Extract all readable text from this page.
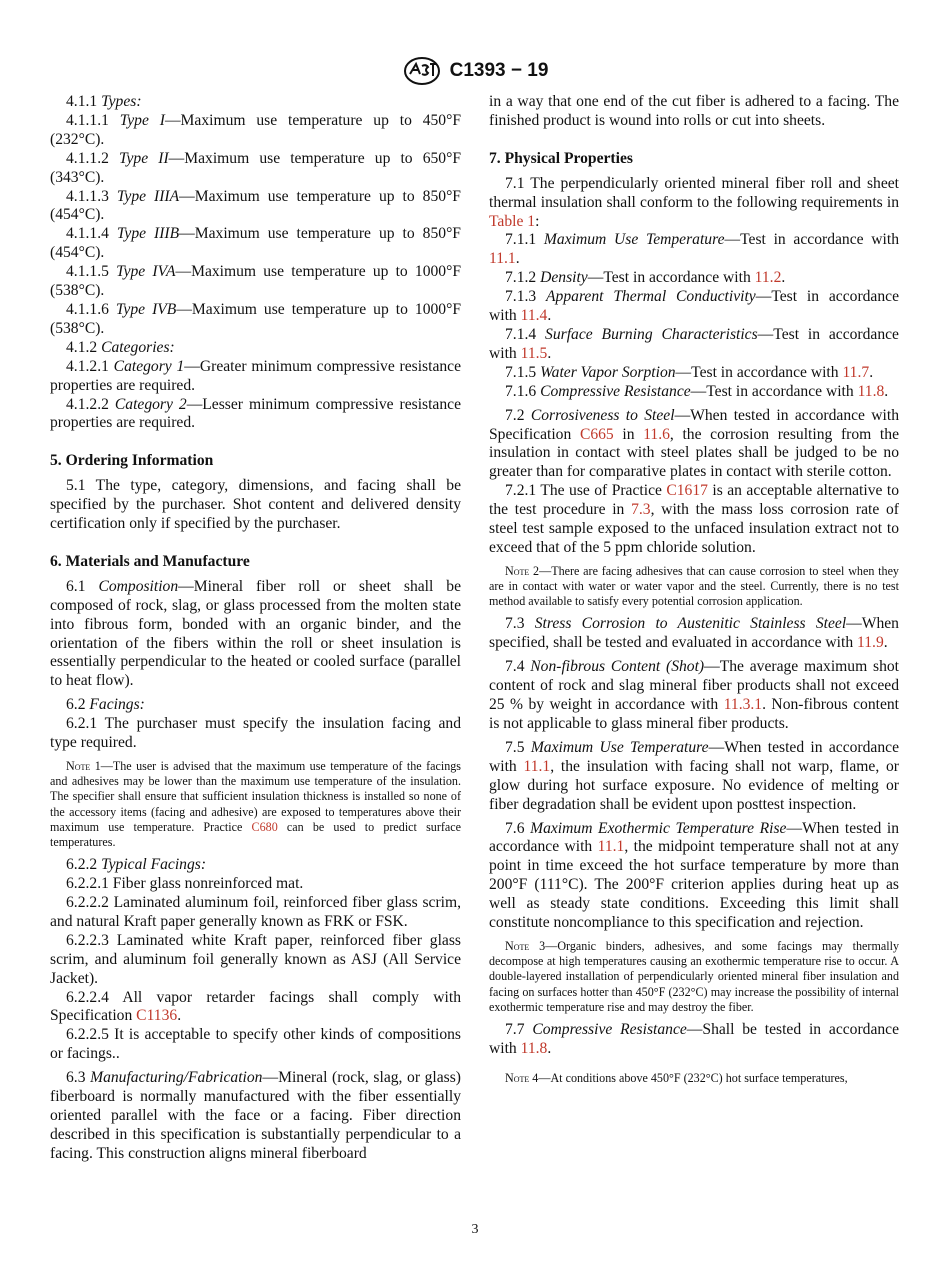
C1393 − 19

4.1.1 Types:

4.1.1.1 Type I—Maximum use temperature up to 450°F (232°C).

4.1.1.2 Type II—Maximum use temperature up to 650°F (343°C).

4.1.1.3 Type IIIA—Maximum use temperature up to 850°F (454°C).

4.1.1.4 Type IIIB—Maximum use temperature up to 850°F (454°C).

4.1.1.5 Type IVA—Maximum use temperature up to 1000°F (538°C).

4.1.1.6 Type IVB—Maximum use temperature up to 1000°F (538°C).

4.1.2 Categories:

4.1.2.1 Category 1—Greater minimum compressive resistance properties are required.

4.1.2.2 Category 2—Lesser minimum compressive resistance properties are required.

5. Ordering Information

5.1 The type, category, dimensions, and facing shall be specified by the purchaser. Shot content and delivered density certification only if specified by the purchaser.

6. Materials and Manufacture

6.1 Composition—Mineral fiber roll or sheet shall be composed of rock, slag, or glass processed from the molten state into fibrous form, bonded with an organic binder, and the orientation of the fibers within the roll or sheet insulation is essentially perpendicular to the heated or cooled surface (parallel to heat flow).

6.2 Facings:

6.2.1 The purchaser must specify the insulation facing and type required.

Note 1—The user is advised that the maximum use temperature of the facings and adhesives may be lower than the maximum use temperature of the insulation. The specifier shall ensure that sufficient insulation thickness is installed so none of the accessory items (facing and adhesive) are exposed to temperatures above their maximum use temperature. Practice C680 can be used to predict surface temperatures.

6.2.2 Typical Facings:

6.2.2.1 Fiber glass nonreinforced mat.

6.2.2.2 Laminated aluminum foil, reinforced fiber glass scrim, and natural Kraft paper generally known as FRK or FSK.

6.2.2.3 Laminated white Kraft paper, reinforced fiber glass scrim, and aluminum foil generally known as ASJ (All Service Jacket).

6.2.2.4 All vapor retarder facings shall comply with Specification C1136.

6.2.2.5 It is acceptable to specify other kinds of compositions or facings..

6.3 Manufacturing/Fabrication—Mineral (rock, slag, or glass) fiberboard is normally manufactured with the fiber essentially oriented parallel with the face or a facing. Fiber direction described in this specification is substantially perpendicular to a facing. This construction aligns mineral fiberboard

in a way that one end of the cut fiber is adhered to a facing. The finished product is wound into rolls or cut into sheets.

7. Physical Properties

7.1 The perpendicularly oriented mineral fiber roll and sheet thermal insulation shall conform to the following requirements in Table 1:

7.1.1 Maximum Use Temperature—Test in accordance with 11.1.

7.1.2 Density—Test in accordance with 11.2.

7.1.3 Apparent Thermal Conductivity—Test in accordance with 11.4.

7.1.4 Surface Burning Characteristics—Test in accordance with 11.5.

7.1.5 Water Vapor Sorption—Test in accordance with 11.7.

7.1.6 Compressive Resistance—Test in accordance with 11.8.

7.2 Corrosiveness to Steel—When tested in accordance with Specification C665 in 11.6, the corrosion resulting from the insulation in contact with steel plates shall be judged to be no greater than for comparative plates in contact with sterile cotton.

7.2.1 The use of Practice C1617 is an acceptable alternative to the test procedure in 7.3, with the mass loss corrosion rate of steel test sample exposed to the unfaced insulation extract not to exceed that of the 5 ppm chloride solution.

Note 2—There are facing adhesives that can cause corrosion to steel when they are in contact with water or water vapor and the steel. Currently, there is no test method available to satisfy every potential corrosion application.

7.3 Stress Corrosion to Austenitic Stainless Steel—When specified, shall be tested and evaluated in accordance with 11.9.

7.4 Non-fibrous Content (Shot)—The average maximum shot content of rock and slag mineral fiber products shall not exceed 25 % by weight in accordance with 11.3.1. Non-fibrous content is not applicable to glass mineral fiber products.

7.5 Maximum Use Temperature—When tested in accordance with 11.1, the insulation with facing shall not warp, flame, or glow during hot surface exposure. No evidence of melting or fiber degradation shall be evident upon posttest inspection.

7.6 Maximum Exothermic Temperature Rise—When tested in accordance with 11.1, the midpoint temperature shall not at any point in time exceed the hot surface temperature by more than 200°F (111°C). The 200°F criterion applies during heat up as well as steady state conditions. Exceeding this limit shall constitute noncompliance to this specification and rejection.

Note 3—Organic binders, adhesives, and some facings may thermally decompose at high temperatures causing an exothermic temperature rise to occur. A double-layered installation of perpendicularly oriented mineral fiber insulation and facing on surfaces hotter than 450°F (232°C) may increase the possibility of internal exothermic temperature rise and may destroy the fiber.

7.7 Compressive Resistance—Shall be tested in accordance with 11.8.

Note 4—At conditions above 450°F (232°C) hot surface temperatures,
3
